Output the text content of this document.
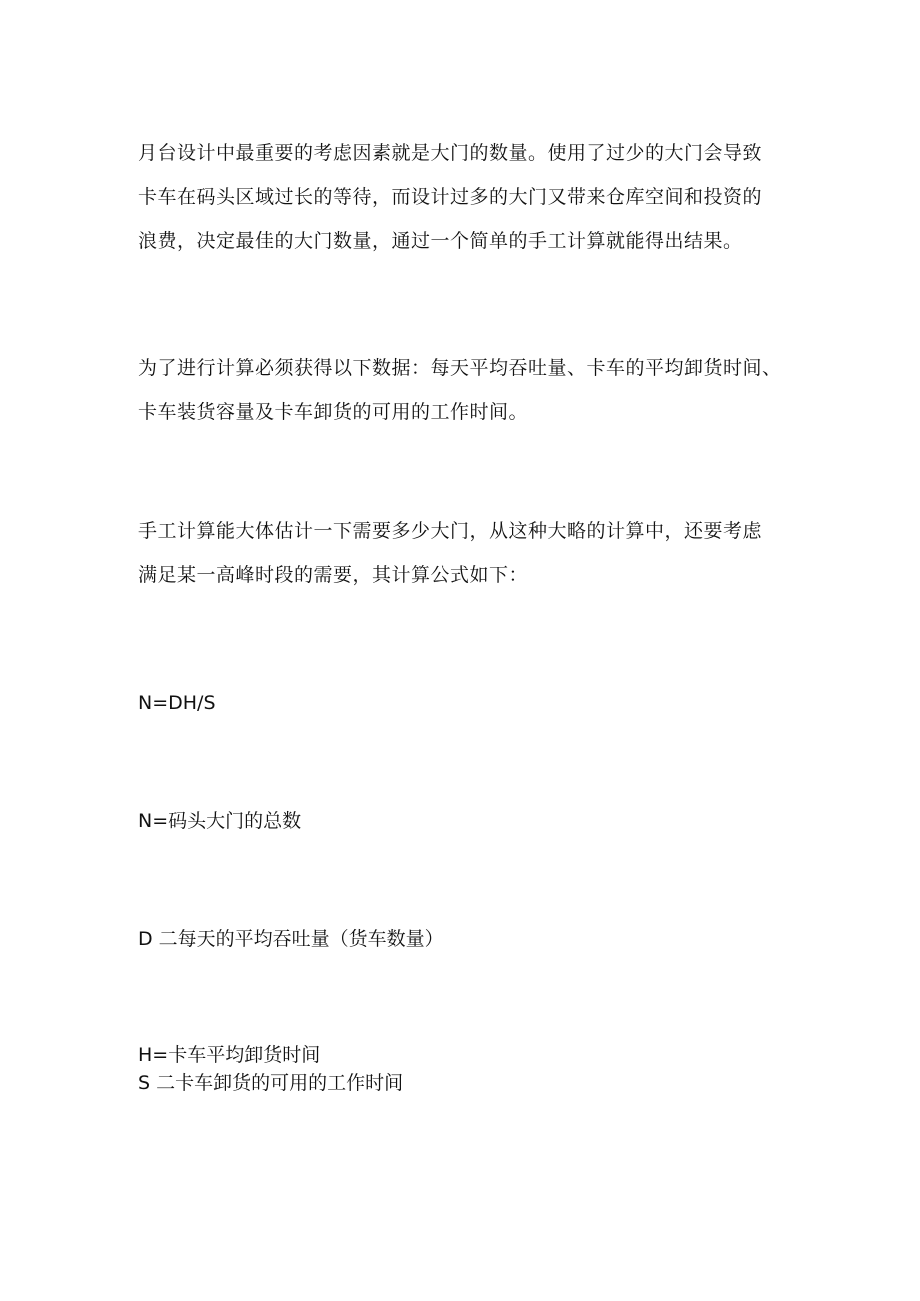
月台设计中最重要的考虑因素就是大门的数量。使用了过少的大门会导致
卡车在码头区域过长的等待，而设计过多的大门又带来仓库空间和投资的
浪费，决定最佳的大门数量，通过一个简单的手工计算就能得出结果。

为了进行计算必须获得以下数据：每天平均吞吐量、卡车的平均卸货时间、
卡车装货容量及卡车卸货的可用的工作时间。

手工计算能大体估计一下需要多少大门，从这种大略的计算中，还要考虑
满足某一高峰时段的需要，其计算公式如下：

N=DH/S

N=码头大门的总数

D 二每天的平均吞吐量（货车数量）

H=卡车平均卸货时间

S 二卡车卸货的可用的工作时间
